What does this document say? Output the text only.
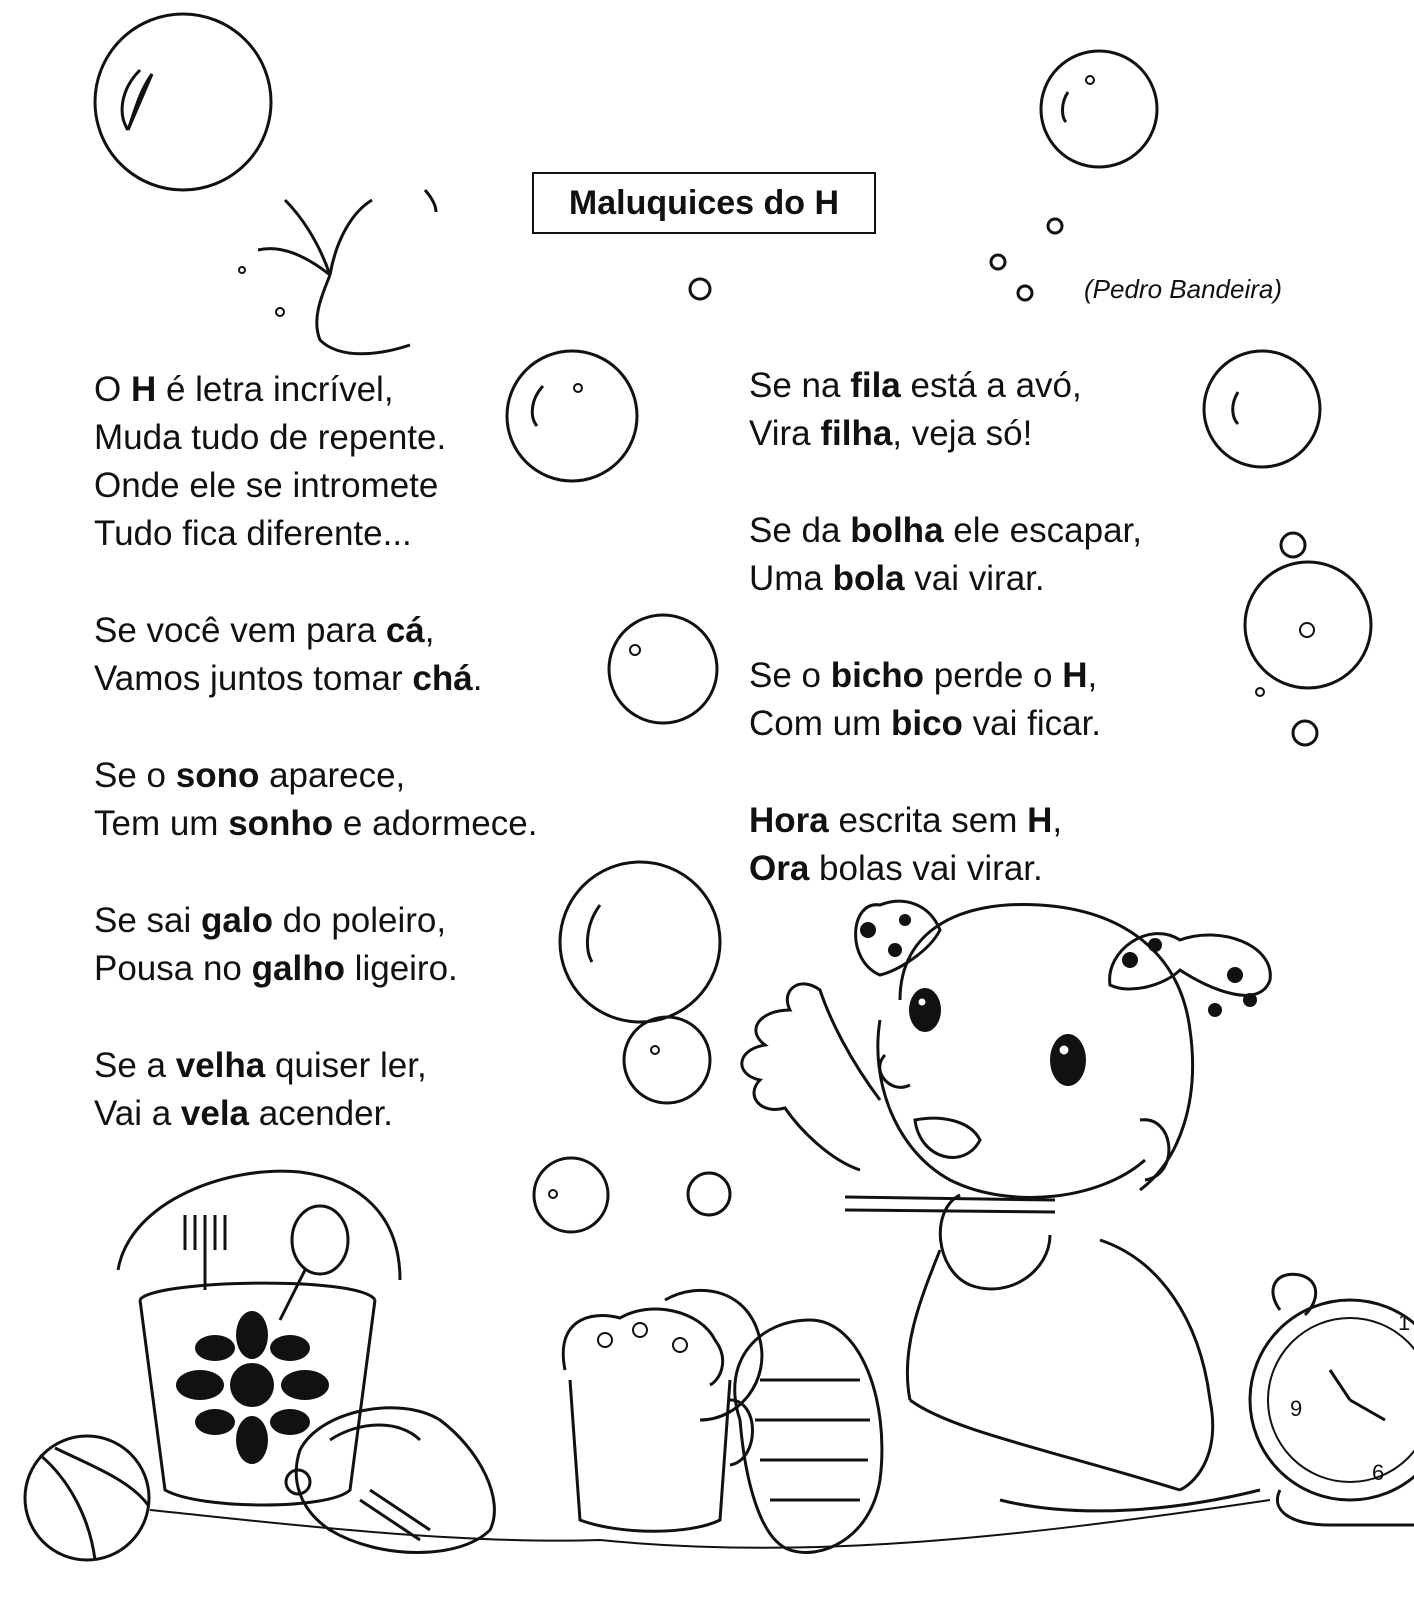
9
6
1
Maluquices do H
(Pedro Bandeira)
O H é letra incrível,
Muda tudo de repente.
Onde ele se intromete
Tudo fica diferente...
Se você vem para cá,
Vamos juntos tomar chá.
Se o sono aparece,
Tem um sonho e adormece.
Se sai galo do poleiro,
Pousa no galho ligeiro.
Se a velha quiser ler,
Vai a vela acender.
Se na fila está a avó,
Vira filha, veja só!
Se da bolha ele escapar,
Uma bola vai virar.
Se o bicho perde o H,
Com um bico vai ficar.
Hora escrita sem H,
Ora bolas vai virar.
